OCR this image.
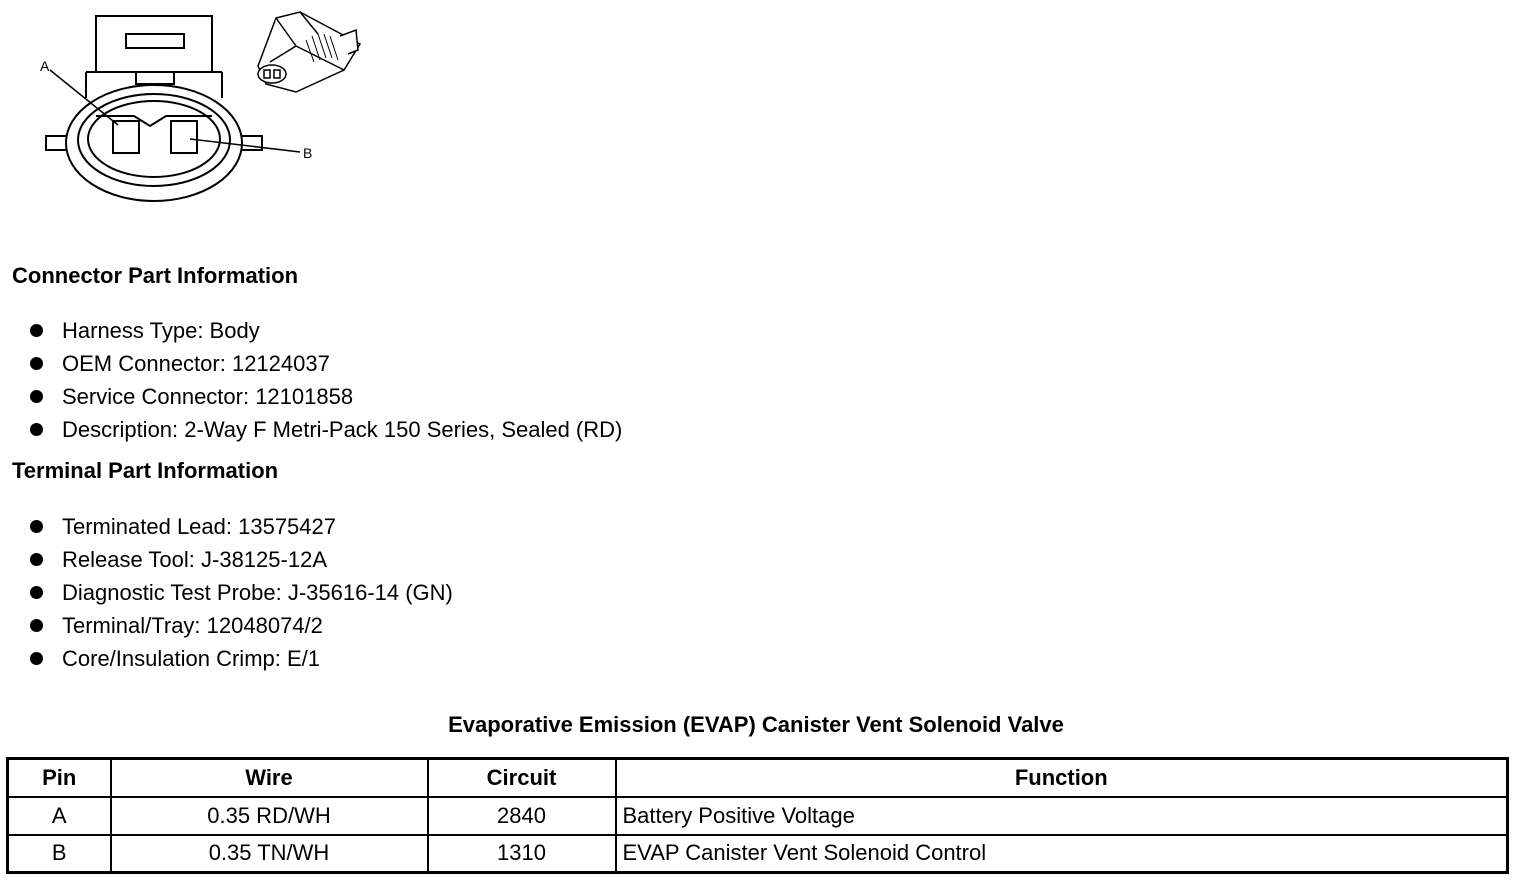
A
B
Connector Part Information
Harness Type: Body
OEM Connector: 12124037
Service Connector: 12101858
Description: 2-Way F Metri-Pack 150 Series, Sealed (RD)
Terminal Part Information
Terminated Lead: 13575427
Release Tool: J-38125-12A
Diagnostic Test Probe: J-35616-14 (GN)
Terminal/Tray: 12048074/2
Core/Insulation Crimp: E/1
Evaporative Emission (EVAP) Canister Vent Solenoid Valve
Pin	Wire	Circuit	Function
A	0.35 RD/WH	2840	Battery Positive Voltage
B	0.35 TN/WH	1310	EVAP Canister Vent Solenoid Control
